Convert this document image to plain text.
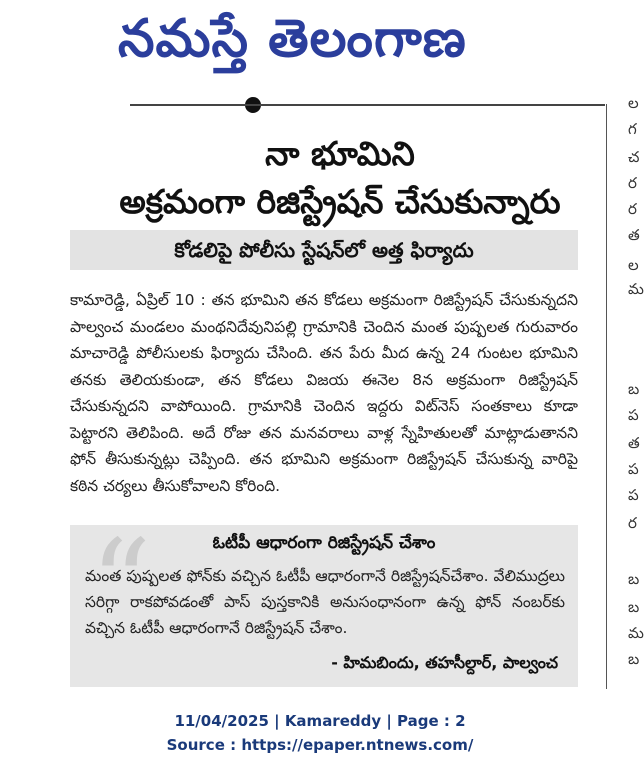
నమస్తే తెలంగాణ
ల
గ
చ
ర
ర
త
ల
మ
బ
ప
త
ప
ప
ర
బ
బ
మ
బ
నా భూమిని
అక్రమంగా రిజిస్ట్రేషన్ చేసుకున్నారు
కోడలిపై పోలీసు స్టేషన్‌లో అత్త ఫిర్యాదు
కామారెడ్డి, ఏప్రిల్ 10 : తన భూమిని తన కోడలు అక్రమంగా రిజిస్ట్రేషన్ చేసుకున్నదని పాల్వంచ మండలం మంథనిదేవునిపల్లి గ్రామానికి చెందిన మంత పుష్పలత గురువారం మాచారెడ్డి పోలీసులకు ఫిర్యాదు చేసింది. తన పేరు మీద ఉన్న 24 గుంటల భూమిని తనకు తెలియకుండా, తన కోడలు విజయ ఈనెల 8న అక్రమంగా రిజిస్ట్రేషన్ చేసుకున్నదని వాపోయింది. గ్రామానికి చెందిన ఇద్దరు విట్‌నెస్ సంతకాలు కూడా పెట్టారని తెలిపింది. అదే రోజు తన మనవరాలు వాళ్ల స్నేహితులతో మాట్లాడుతానని ఫోన్ తీసుకున్నట్లు చెప్పింది. తన భూమిని అక్రమంగా రిజిస్ట్రేషన్ చేసుకున్న వారిపై కఠిన చర్యలు తీసుకోవాలని కోరింది.
“	ఓటీపీ ఆధారంగా రిజిస్ట్రేషన్ చేశాం
మంత పుష్పలత ఫోన్‌కు వచ్చిన ఓటీపీ ఆధారంగానే రిజిస్ట్రేషన్‌చేశాం. వేలిముద్రలు సరిగ్గా రాకపోవడంతో పాస్ పుస్తకానికి అనుసంధానంగా ఉన్న ఫోన్ నంబర్‌కు వచ్చిన ఓటీపీ ఆధారంగానే రిజిస్ట్రేషన్ చేశాం.
- హిమబిందు, తహసీల్దార్, పాల్వంచ
11/04/2025 | Kamareddy | Page : 2
Source : https://epaper.ntnews.com/
